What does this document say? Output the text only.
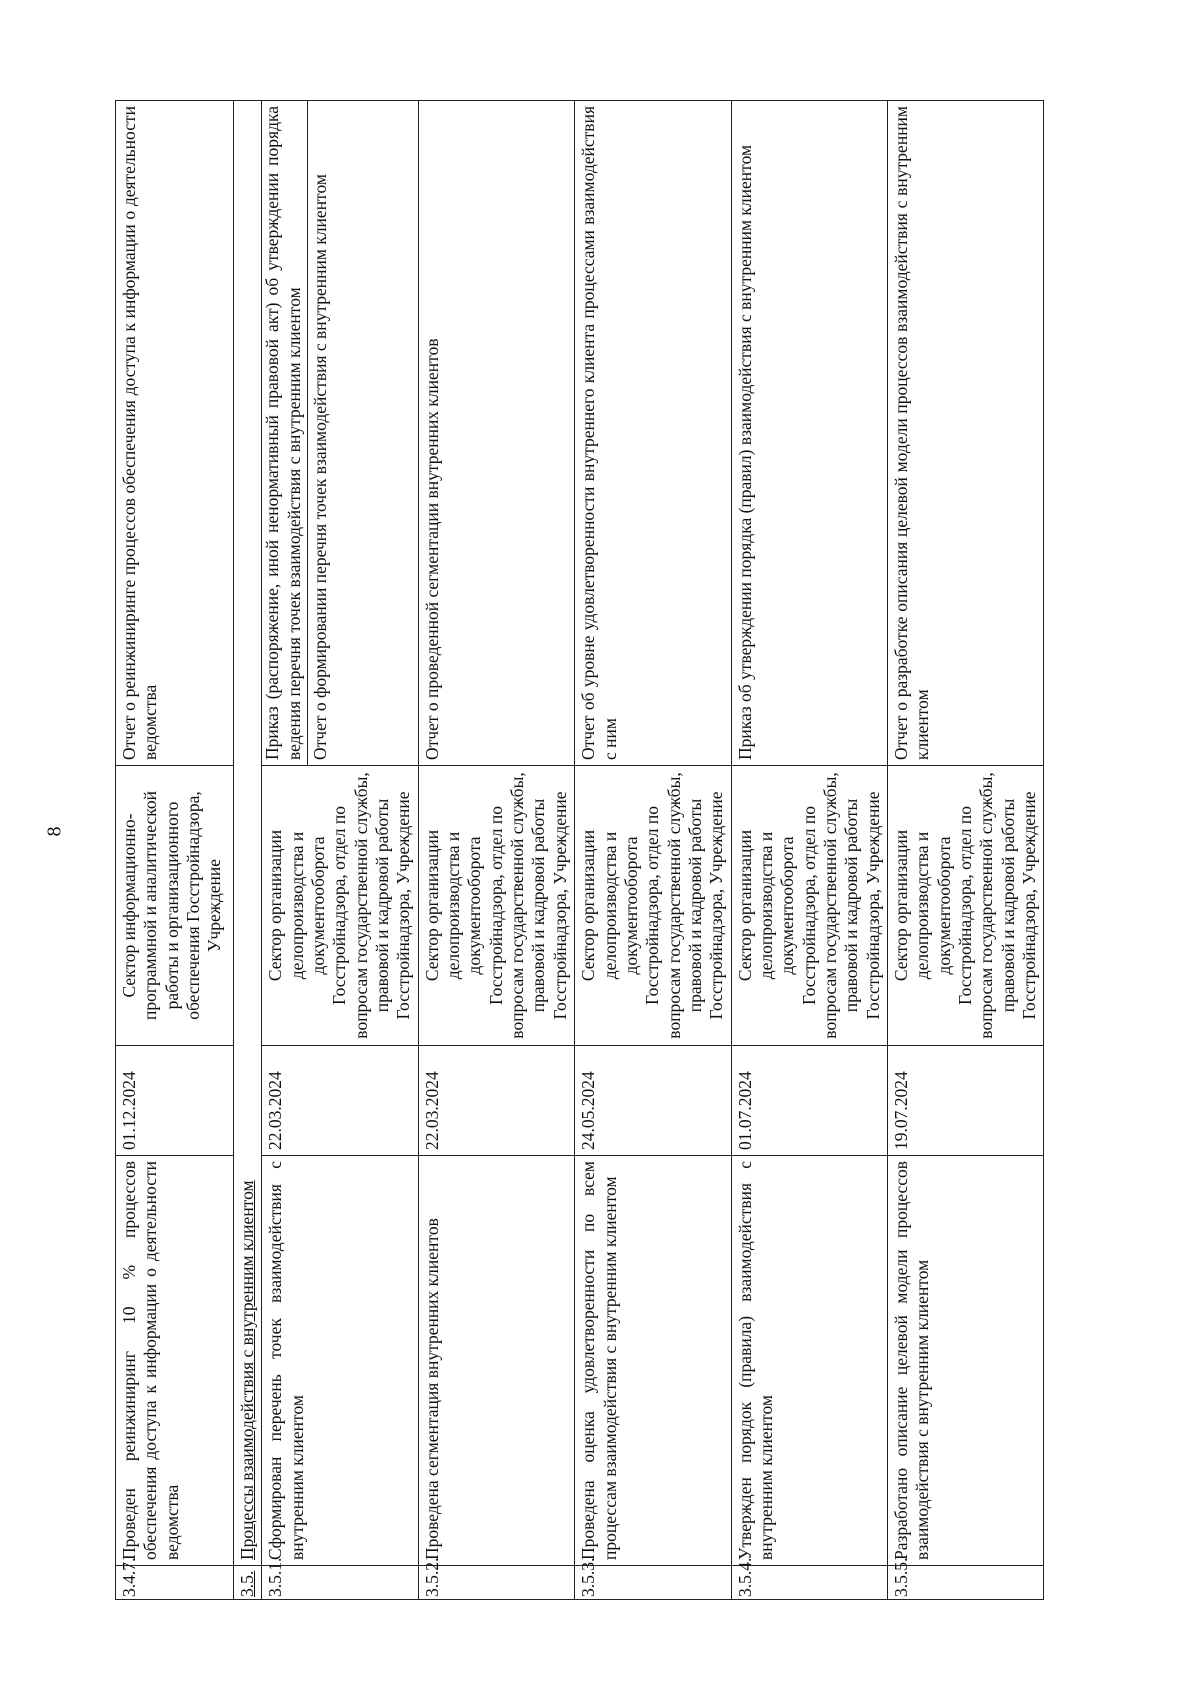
8
3.4.7.	Проведен реинжиниринг 10 % процессов обеспечения доступа к информации о деятельности ведомства	01.12.2024	Сектор информационно-программной и аналитической работы и организационного обеспечения Госстройнадзора, Учреждение	Отчет о реинжиниринге процессов обеспечения доступа к информации о деятельности ведомства
3.5.	Процессы взаимодействия с внутренним клиентом			
3.5.1.	Сформирован перечень точек взаимодействия с внутренним клиентом	22.03.2024	Сектор организации делопроизводства и документооборота Госстройнадзора, отдел по вопросам государственной службы, правовой и кадровой работы Госстройнадзора, Учреждение	Приказ (распоряжение, иной ненормативный правовой акт) об утверждении порядка ведения перечня точек взаимодействия с внутренним клиентом Отчет о формировании перечня точек взаимодействия с внутренним клиентом

3.5.2.	Проведена сегментация внутренних клиентов	22.03.2024	Сектор организации делопроизводства и документооборота Госстройнадзора, отдел по вопросам государственной службы, правовой и кадровой работы Госстройнадзора, Учреждение	Отчет о проведенной сегментации внутренних клиентов
3.5.3.	Проведена оценка удовлетворенности по всем процессам взаимодействия с внутренним клиентом	24.05.2024	Сектор организации делопроизводства и документооборота Госстройнадзора, отдел по вопросам государственной службы, правовой и кадровой работы Госстройнадзора, Учреждение	Отчет об уровне удовлетворенности внутреннего клиента процессами взаимодействия с ним
3.5.4.	Утвержден порядок (правила) взаимодействия с внутренним клиентом	01.07.2024	Сектор организации делопроизводства и документооборота Госстройнадзора, отдел по вопросам государственной службы, правовой и кадровой работы Госстройнадзора, Учреждение	Приказ об утверждении порядка (правил) взаимодействия с внутренним клиентом
3.5.5.	Разработано описание целевой модели процессов взаимодействия с внутренним клиентом	19.07.2024	Сектор организации делопроизводства и документооборота Госстройнадзора, отдел по вопросам государственной службы, правовой и кадровой работы Госстройнадзора, Учреждение	Отчет о разработке описания целевой модели процессов взаимодействия с внутренним клиентом
